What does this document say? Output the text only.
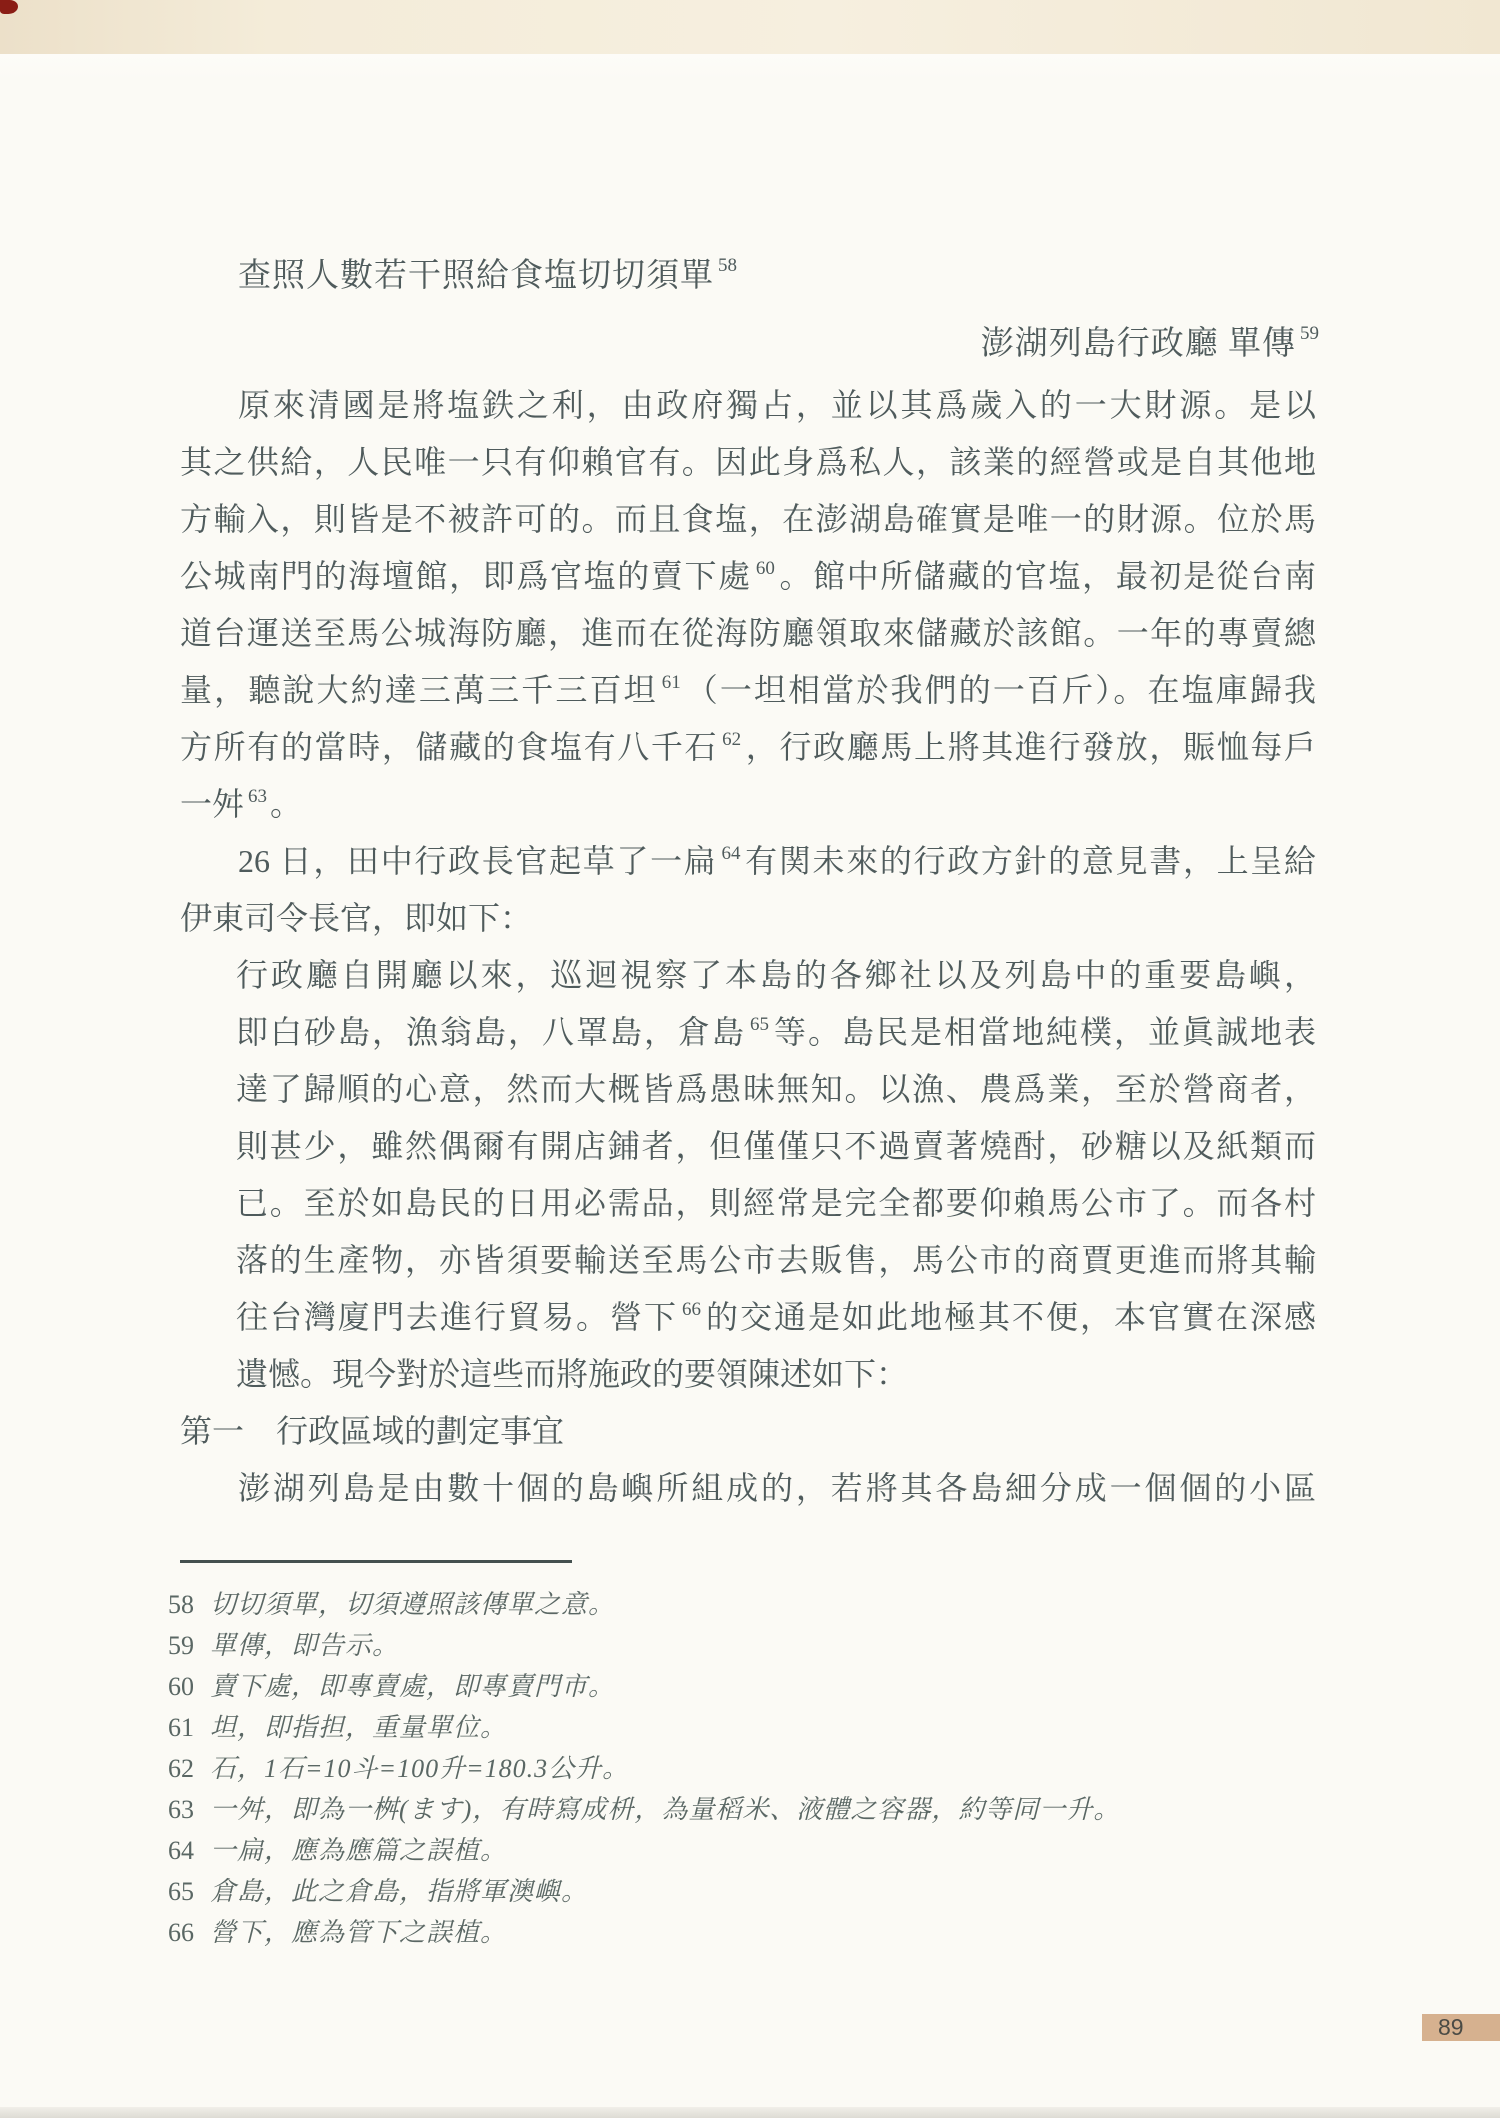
查照人數若干照給食塩切切須單 $^{58}$
澎湖列島行政廳 單傳 $^{59}$
原來清國是將塩鉄之利，由政府獨占，並以其爲歲入的一大財源。是以
其之供給，人民唯一只有仰賴官有。因此身爲私人，該業的經營或是自其他地
方輸入，則皆是不被許可的。而且食塩，在澎湖島確實是唯一的財源。位於馬
公城南門的海壇館，即爲官塩的賣下處 $^{60}$。館中所儲藏的官塩，最初是從台南
道台運送至馬公城海防廳，進而在從海防廳領取來儲藏於該館。一年的專賣總
量，聽說大約達三萬三千三百坦 $^{61}$（一坦相當於我們的一百斤）。在塩庫歸我
方所有的當時，儲藏的食塩有八千石 $^{62}$，行政廳馬上將其進行發放，賑恤每戶
一舛 $^{63}$。
26 日，田中行政長官起草了一扁 $^{64}$有関未來的行政方針的意見書，上呈給
伊東司令長官，即如下：
行政廳自開廳以來，巡迴視察了本島的各鄉社以及列島中的重要島嶼，
即白砂島，漁翁島，八罩島，倉島 $^{65}$等。島民是相當地純樸，並眞誠地表
達了歸順的心意，然而大概皆爲愚昧無知。以漁、農爲業，至於營商者，
則甚少，雖然偶爾有開店鋪者，但僅僅只不過賣著燒酎，砂糖以及紙類而
已。至於如島民的日用必需品，則經常是完全都要仰賴馬公市了。而各村
落的生產物，亦皆須要輸送至馬公市去販售，馬公市的商賈更進而將其輸
往台灣廈門去進行貿易。營下 $^{66}$的交通是如此地極其不便，本官實在深感
遺憾。現今對於這些而將施政的要領陳述如下：
第一　行政區域的劃定事宜
澎湖列島是由數十個的島嶼所組成的，若將其各島細分成一個個的小區
58 切切須單，切須遵照該傳單之意。
59 單傳，即告示。
60 賣下處，即專賣處，即專賣門市。
61 坦，即指担，重量單位。
62 石，1石=10斗=100升=180.3公升。
63 一舛，即為一桝(ます)，有時寫成枡，為量稻米、液體之容器，約等同一升。
64 一扁，應為應篇之誤植。
65 倉島，此之倉島，指將軍澳嶼。
66 營下，應為管下之誤植。
89
